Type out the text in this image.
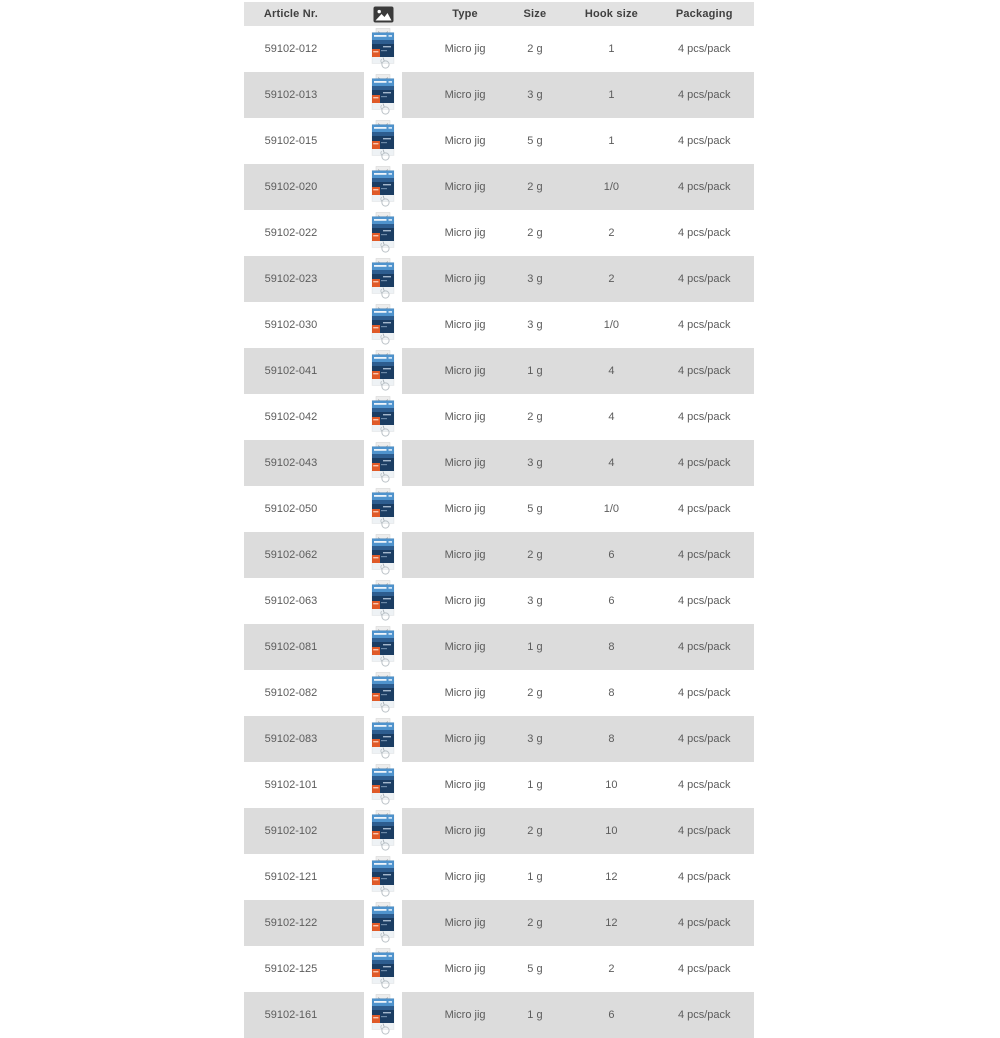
Article Nr.		Type	Size	Hook size	Packaging
59102-012		Micro jig	2 g	1	4 pcs/pack
59102-013		Micro jig	3 g	1	4 pcs/pack
59102-015		Micro jig	5 g	1	4 pcs/pack
59102-020		Micro jig	2 g	1/0	4 pcs/pack
59102-022		Micro jig	2 g	2	4 pcs/pack
59102-023		Micro jig	3 g	2	4 pcs/pack
59102-030		Micro jig	3 g	1/0	4 pcs/pack
59102-041		Micro jig	1 g	4	4 pcs/pack
59102-042		Micro jig	2 g	4	4 pcs/pack
59102-043		Micro jig	3 g	4	4 pcs/pack
59102-050		Micro jig	5 g	1/0	4 pcs/pack
59102-062		Micro jig	2 g	6	4 pcs/pack
59102-063		Micro jig	3 g	6	4 pcs/pack
59102-081		Micro jig	1 g	8	4 pcs/pack
59102-082		Micro jig	2 g	8	4 pcs/pack
59102-083		Micro jig	3 g	8	4 pcs/pack
59102-101		Micro jig	1 g	10	4 pcs/pack
59102-102		Micro jig	2 g	10	4 pcs/pack
59102-121		Micro jig	1 g	12	4 pcs/pack
59102-122		Micro jig	2 g	12	4 pcs/pack
59102-125		Micro jig	5 g	2	4 pcs/pack
59102-161		Micro jig	1 g	6	4 pcs/pack
